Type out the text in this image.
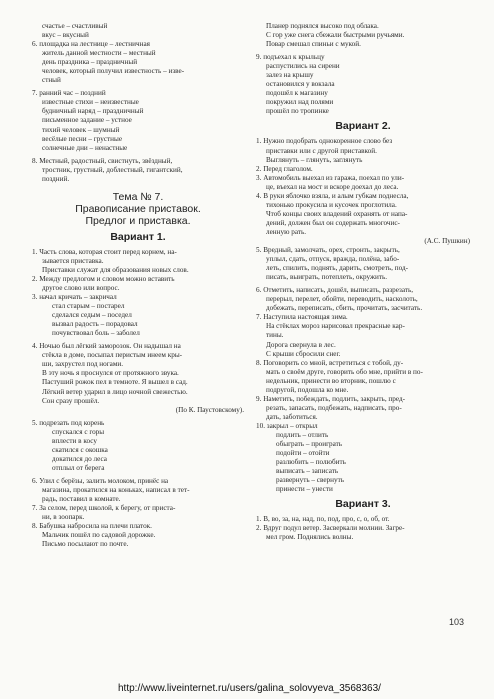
счастье – счастливый
вкус – вкусный
6. площадка на лестнице – лестничная
житель данной местности – местный
день праздника – праздничный
человек, который получил известность – изве-
стный
7. ранний час – поздний
известные стихи – неизвестные
будничный наряд – праздничный
письменное задание – устное
тихий человек – шумный
весёлые песни – грустные
солнечные дни – ненастные
8. Местный, радостный, свистнуть, звёздный,
тростник, грустный, доблестный, гигантский,
поздний.
Тема № 7.
Правописание приставок.
Предлог и приставка.
Вариант 1.
1. Часть слова, которая стоит перед корнем, на-
зывается приставка.
Приставки служат для образования новых слов.
2. Между предлогом и словом можно вставить
другое слово или вопрос.
3. начал кричать – закричал
стал старым – постарел
сделался седым – поседел
вызвал радость – порадовал
почувствовал боль – заболел
4. Ночью был лёгкий заморозок. Он надышал на
стёкла в доме, посыпал перистым инеем кры-
ши, захрустел под ногами.
В эту ночь я проснулся от протяжного звука.
Пастуший рожок пел в темноте. Я вышел в сад.
Лёгкий ветер ударил в лицо ночной свежестью.
Сон сразу прошёл.
(По К. Паустовскому).
5. подрезать под корень
спускался с горы
вплести в косу
скатился с окошка
докатился до леса
отплыл от берега
6. Улил с берёзы, залить молоком, принёс на
магазина, прокатился на коньках, написал в тет-
радь, поставил в комнате.
7. За селом, перед школой, к берегу, от приста-
ни, в зоопарк.
8. Бабушка набросила на плечи платок.
Мальчик пошёл по садовой дорожке.
Письмо посылают по почте.
Планер поднялся высоко под облака.
С гор уже снега сбежали быстрыми ручьями.
Повар смешал спиньи с мукой.
9. подъехал к крыльцу
распустились на сирени
залез на крышу
остановился у вокзала
подошёл к магазину
покружил над полями
прошёл по тропинке
Вариант 2.
1. Нужно подобрать однокоренное слово без
приставки или с другой приставкой.
Выглянуть – глянуть, заглянуть
2. Перед глаголом.
3. Автомобиль выехал из гаража, поехал по ули-
це, въехал на мост и вскоре доехал до леса.
4. В руки яблочко взяла, и алым губкам поднесла,
тихонько прокусила и кусочек проглотила.
Чтоб концы своих владений охранять от напа-
дений, должен был он содержать многочис-
ленную рать.
(А.С. Пушкин)
5. Вредный, замолчать, орех, стронть, закрыть,
уплыл, сдать, отпуск, вражда, полёна, забо-
леть, спилить, поднять, дарить, смотреть, под-
писать, выиграть, потеплеть, окружить.
6. Отметить, написать, дошёл, выписать, разрезать,
перерыл, перелет, обойти, переводить, насколоть,
добежать, переписать, сбить, прочитать, засчитать.
7. Наступила настоящая зима.
На стёклах мороз нарисовал прекрасные кар-
тины.
Дорога свернула в лес.
С крыши сбросили снег.
8. Поговорить со мной, встретиться с тобой, ду-
мать о своём друге, говорить обо мне, прийти в по-
недельник, принести во вторник, пошлю с
подругой, подошла ко мне.
9. Наметить, побеждать, подлить, закрыть, пред-
резать, запасать, подбежать, надписать, про-
дать, заботиться.
10. закрыл – открыл
подлить – отлить
обыграть – проиграть
подойти – отойти
разлюбить – полюбить
выписать – записать
развернуть – свернуть
принести – унести
Вариант 3.
1. В, во, за, на, над, по, под, про, с, о, об, от.
2. Вдруг подул ветер. Засверкали молнии. Загре-
мел гром. Поднялись волны.
103
http://www.liveinternet.ru/users/galina_solovyeva_3568363/
